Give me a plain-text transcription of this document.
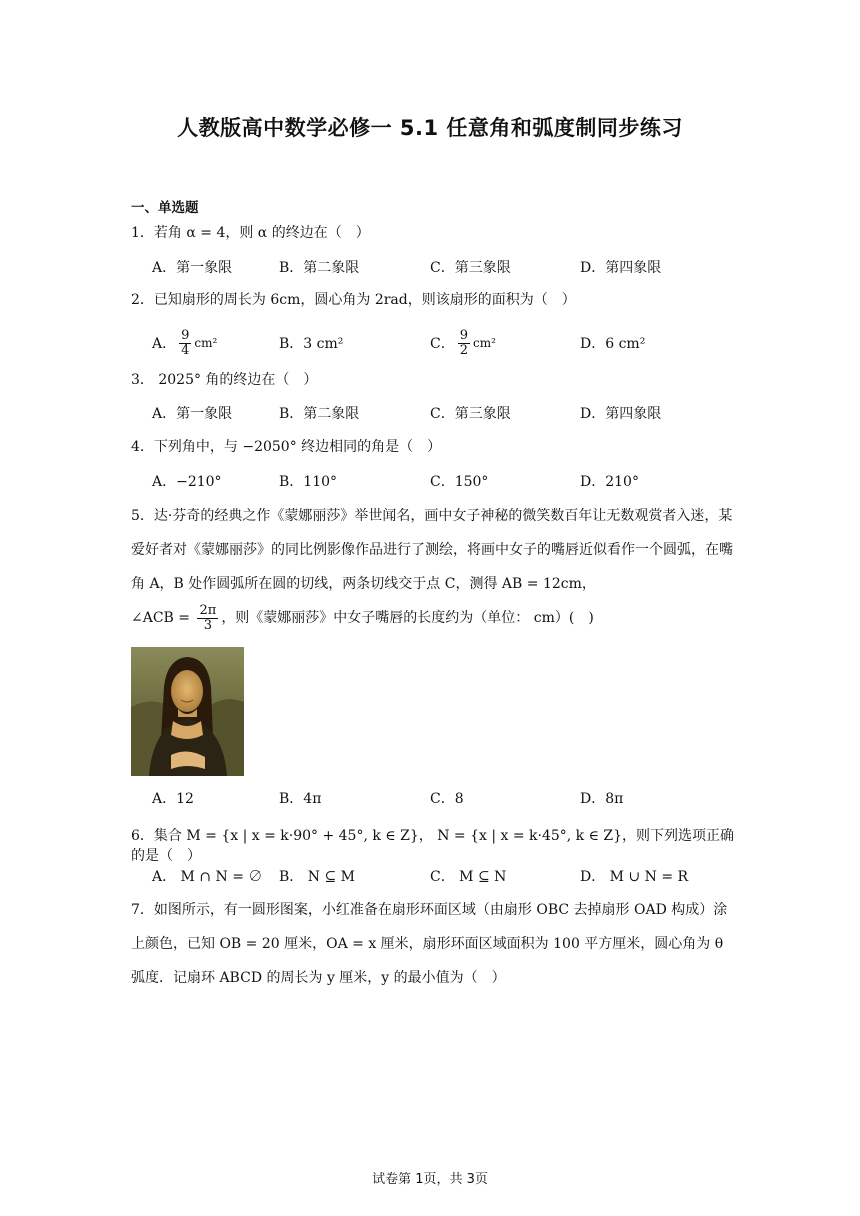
人教版高中数学必修一 5.1 任意角和弧度制同步练习
一、单选题
1．若角 α = 4，则 α 的终边在（　）
A．第一象限	B．第二象限	C．第三象限	D．第四象限
2．已知扇形的周长为 6cm，圆心角为 2rad，则该扇形的面积为（　）
A． $\frac{9}{4} cm^2$	B．3 cm²	C． $\frac{9}{2} cm^2$	D．6 cm²
3． 2025° 角的终边在（　）
A．第一象限	B．第二象限	C．第三象限	D．第四象限
4．下列角中，与 −2050° 终边相同的角是（　）
A．−210°	B．110°	C．150°	D．210°
5．达·芬奇的经典之作《蒙娜丽莎》举世闻名，画中女子神秘的微笑数百年让无数观赏者入迷，某爱好者对《蒙娜丽莎》的同比例影像作品进行了测绘，将画中女子的嘴唇近似看作一个圆弧，在嘴角 A，B 处作圆弧所在圆的切线，两条切线交于点 C，测得 AB = 12cm，
∠ACB = $\frac{2\pi}{3}$ ，则《蒙娜丽莎》中女子嘴唇的长度约为（单位： cm）(　)
A．12	B．4π	C．8	D．8π
6．集合 M = {x | x = k·90° + 45°, k ∈ Z}， N = {x | x = k·45°, k ∈ Z}，则下列选项正确的是（　）
A． M ∩ N = ∅ B． N ⊆ M	C． M ⊆ N	D． M ∪ N = R
7．如图所示，有一圆形图案，小红准备在扇形环面区域（由扇形 OBC 去掉扇形 OAD 构成）涂上颜色，已知 OB = 20 厘米，OA = x 厘米，扇形环面区域面积为 100 平方厘米，圆心角为 θ 弧度．记扇环 ABCD 的周长为 y 厘米，y 的最小值为（　）
试卷第 1页，共 3页
